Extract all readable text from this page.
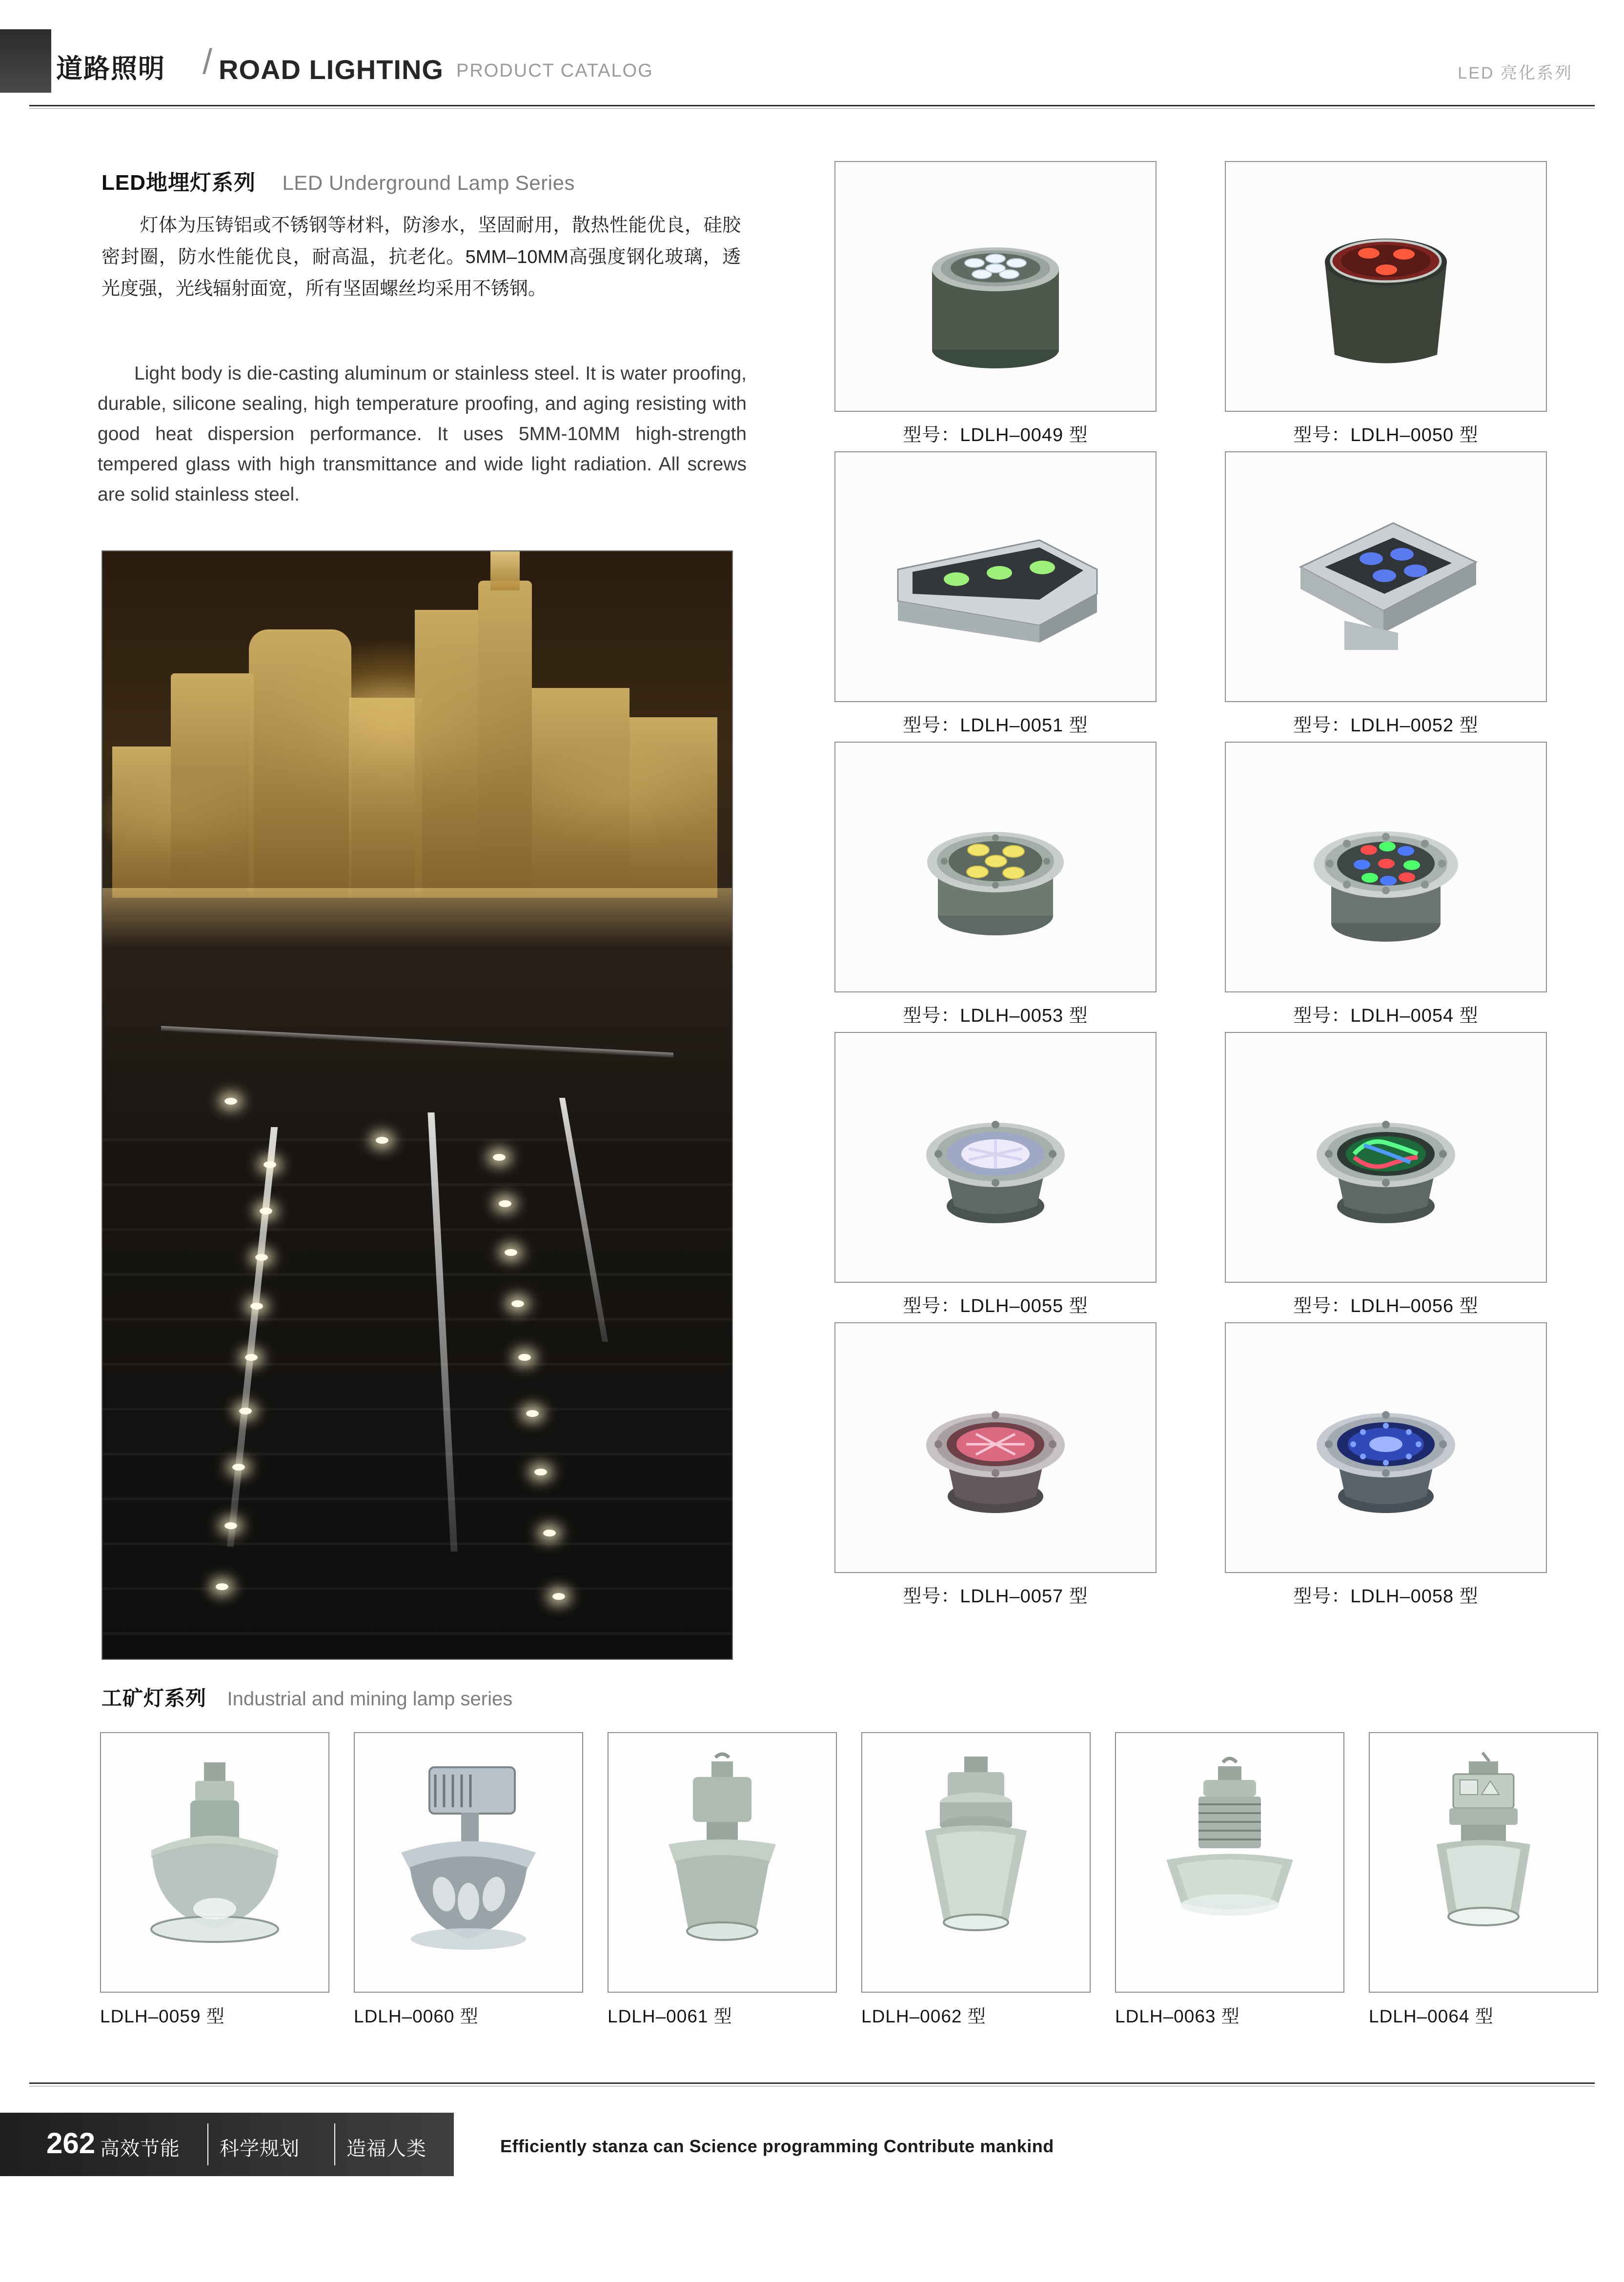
道路照明 / ROAD LIGHTING PRODUCT CATALOG	LED 亮化系列
LED地埋灯系列 LED Underground Lamp Series
灯体为压铸铝或不锈钢等材料，防渗水，坚固耐用，散热性能优良，硅胶密封圈，防水性能优良，耐高温，抗老化。5MM–10MM高强度钢化玻璃，透光度强，光线辐射面宽，所有坚固螺丝均采用不锈钢。
Light body is die-casting aluminum or stainless steel. It is water proofing, durable, silicone sealing, high temperature proofing, and aging resisting with good heat dispersion performance. It uses 5MM-10MM high-strength tempered glass with high transmittance and wide light radiation. All screws are solid stainless steel.
型号：LDLH–0049 型	型号：LDLH–0050 型
型号：LDLH–0051 型	型号：LDLH–0052 型
型号：LDLH–0053 型	型号：LDLH–0054 型
型号：LDLH–0055 型	型号：LDLH–0056 型
型号：LDLH–0057 型	型号：LDLH–0058 型
工矿灯系列 Industrial and mining lamp series
LDLH–0059 型	LDLH–0060 型	LDLH–0061 型	LDLH–0062 型	LDLH–0063 型	LDLH–0064 型
262 高效节能 科学规划 造福人类	Efficiently stanza can Science programming Contribute mankind
